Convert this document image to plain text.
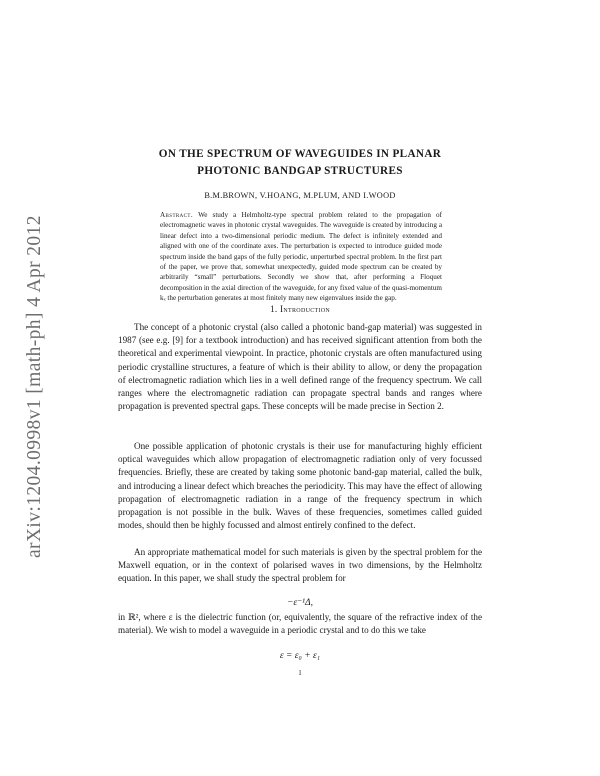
arXiv:1204.0998v1 [math-ph] 4 Apr 2012
ON THE SPECTRUM OF WAVEGUIDES IN PLANAR
PHOTONIC BANDGAP STRUCTURES
B.M.BROWN, V.HOANG, M.PLUM, AND I.WOOD

Abstract. We study a Helmholtz-type spectral problem related to the propagation of electromagnetic waves in photonic crystal waveguides. The waveguide is created by introducing a linear defect into a two-dimensional periodic medium. The defect is infinitely extended and aligned with one of the coordinate axes. The perturbation is expected to introduce guided mode spectrum inside the band gaps of the fully periodic, unperturbed spectral problem. In the first part of the paper, we prove that, somewhat unexpectedly, guided mode spectrum can be created by arbitrarily “small” perturbations. Secondly we show that, after performing a Floquet decomposition in the axial direction of the waveguide, for any fixed value of the quasi-momentum kₓ the perturbation generates at most finitely many new eigenvalues inside the gap.

1. Introduction

The concept of a photonic crystal (also called a photonic band-gap material) was suggested in 1987 (see e.g. [9] for a textbook introduction) and has received significant attention from both the theoretical and experimental viewpoint. In practice, photonic crystals are often manufactured using periodic crystalline structures, a feature of which is their ability to allow, or deny the propagation of electromagnetic radiation which lies in a well defined range of the frequency spectrum. We call ranges where the electromagnetic radiation can propagate spectral bands and ranges where propagation is prevented spectral gaps. These concepts will be made precise in Section 2.

One possible application of photonic crystals is their use for manufacturing highly efficient optical waveguides which allow propagation of electromagnetic radiation only of very focussed frequencies. Briefly, these are created by taking some photonic band-gap material, called the bulk, and introducing a linear defect which breaches the periodicity. This may have the effect of allowing propagation of electromagnetic radiation in a range of the frequency spectrum in which propagation is not possible in the bulk. Waves of these frequencies, sometimes called guided modes, should then be highly focussed and almost entirely confined to the defect.

An appropriate mathematical model for such materials is given by the spectral problem for the Maxwell equation, or in the context of polarised waves in two dimensions, by the Helmholtz equation. In this paper, we shall study the spectral problem for

−ε⁻¹Δ,

in ℝ², where ε is the dielectric function (or, equivalently, the square of the refractive index of the material). We wish to model a waveguide in a periodic crystal and to do this we take

ε = ε₀ + ε₁
1
